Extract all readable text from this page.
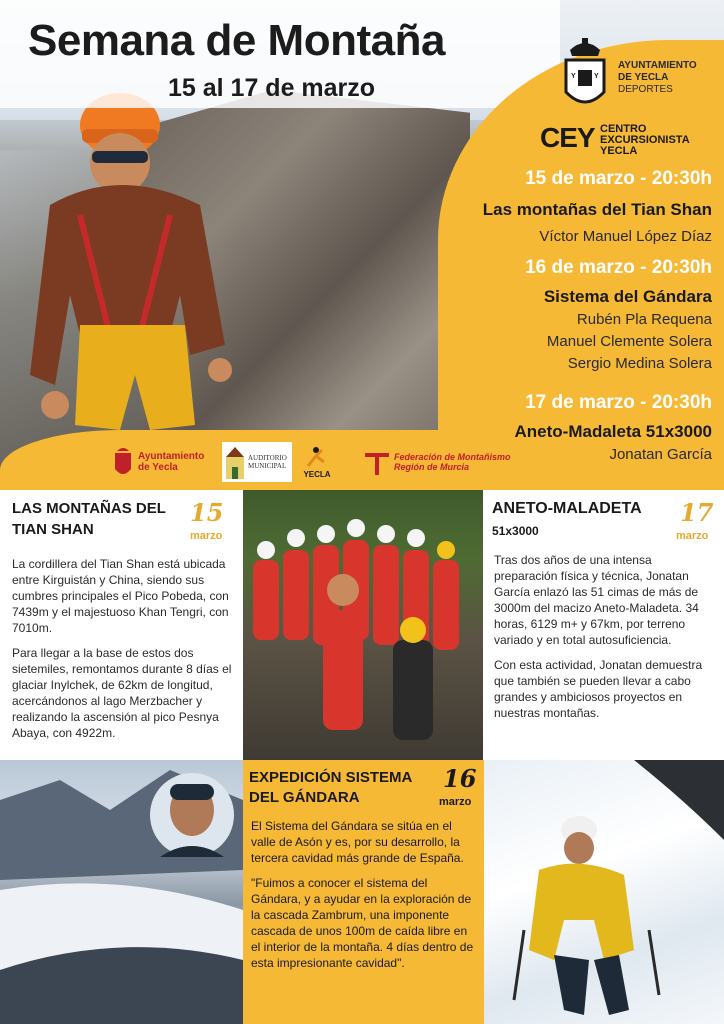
Semana de Montaña
15 al 17 de marzo	Y	Y
AYUNTAMIENTO
DE YECLA
DEPORTES
CEY CENTRO
EXCURSIONISTA
YECLA
15 de marzo - 20:30h
Las montañas del Tian Shan
Víctor Manuel López Díaz
16 de marzo - 20:30h
Sistema del Gándara
Rubén Pla Requena
Manuel Clemente Solera
Sergio Medina Solera
17 de marzo - 20:30h
Aneto-Madaleta 51x3000
Jonatan García
Ayuntamiento
de Yecla
AUDITORIO
MUNICIPAL
YECLA
Federación de Montañismo
Región de Murcia
LAS MONTAÑAS DEL
TIAN SHAN
15
marzo

La cordillera del Tian Shan está ubicada entre Kirguistán y China, siendo sus cumbres principales el Pico Pobeda, con 7439m y el majestuoso Khan Tengri, con 7010m.

Para llegar a la base de estos dos sietemiles, remontamos durante 8 días el glaciar Inylchek, de 62km de longitud, acercándonos al lago Merzbacher y realizando la ascensión al pico Pesnya Abaya, con 4922m.

ANETO-MALADETA
51x3000
17
marzo

Tras dos años de una intensa preparación física y técnica, Jonatan García enlazó las 51 cimas de más de 3000m del macizo Aneto-Maladeta. 34 horas, 6129 m+ y 67km, por terreno variado y en total autosuficiencia.

Con esta actividad, Jonatan demuestra que también se pueden llevar a cabo grandes y ambiciosos proyectos en nuestras montañas.

EXPEDICIÓN SISTEMA
DEL GÁNDARA
16
marzo

El Sistema del Gándara se sitúa en el valle de Asón y es, por su desarrollo, la tercera cavidad más grande de España.

"Fuimos a conocer el sistema del Gándara, y a ayudar en la exploración de la cascada Zambrum, una imponente cascada de unos 100m de caída libre en el interior de la montaña. 4 días dentro de esta impresionante cavidad".
